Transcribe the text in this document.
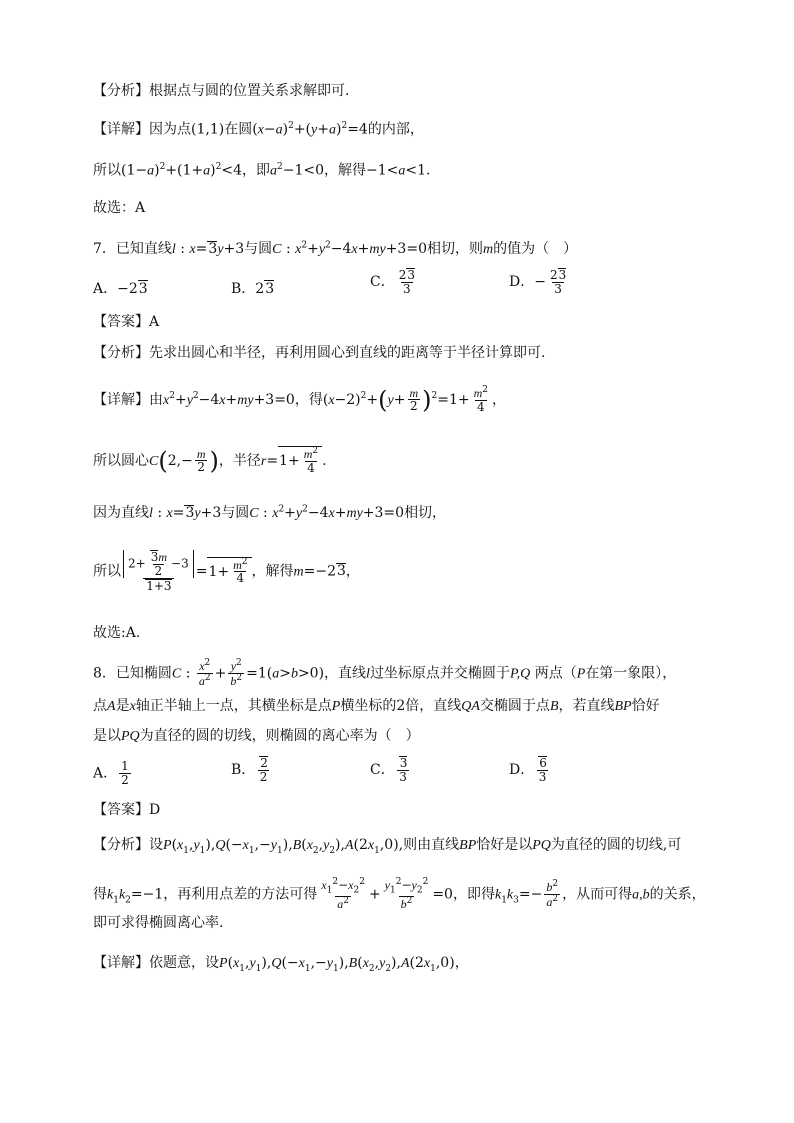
【分析】根据点与圆的位置关系求解即可.
【详解】因为点(1,1)在圆$(x-a)^2+(y+a)^2=4$的内部，
所以$(1-a)^2+(1+a)^2<4$，即$a^2-1<0$，解得−1<a<1.
故选：A
7．已知直线l : x=3y+3与圆C : $x^2+y^2-4x+my+3=0$相切，则m的值为（　）
A．−23	B．23	C． $\frac{23}{3}$	D．− $\frac{23}{3}$
【答案】A
【分析】先求出圆心和半径，再利用圆心到直线的距离等于半径计算即可.
【详解】由$x^2+y^2-4x+my+3=0$，得$(x-2)^2+(y+ \frac{m}{2} )^2=1+ \frac{m^2}{4}$ ，
所以圆心$C(2,- \frac{m}{2}$ )，半径$r=1+ \frac{m^2}{4}$ .
因为直线l : x=3y+3与圆C : $x^2+y^2-4x+my+3=0$相切，
所以 $\frac{2+ \frac{3m}{2} -3}{1+3} =1+ \frac{m^2}{4}$ ，解得m=−23，
故选:A.
8．已知椭圆C : $\frac{x^2}{a^2} + \frac{y^2}{b^2} =1(a>b>0)$，直线l过坐标原点并交椭圆于P,Q 两点（P在第一象限），
点A是x轴正半轴上一点，其横坐标是点P横坐标的2倍，直线QA交椭圆于点B，若直线BP恰好
是以PQ为直径的圆的切线，则椭圆的离心率为（　）
A． $\frac{1}{2}$	B． $\frac{2}{2}$	C． $\frac{3}{3}$	D． $\frac{6}{3}$
【答案】D
【分析】设$P(x_1,y_1),Q(-x_1,-y_1),B(x_2,y_2),A(2x_1,0)$,则由直线BP恰好是以PQ为直径的圆的切线,可
得$k_1k_2=-1$，再利用点差的方法可得 $\frac{x_1^2-x_2^2}{a^2} + \frac{y_1^2-y_2^2}{b^2} =0$，即得$k_1k_3=- \frac{b^2}{a^2}$ ，从而可得a,b的关系，
即可求得椭圆离心率.
【详解】依题意，设$P(x_1,y_1),Q(-x_1,-y_1),B(x_2,y_2),A(2x_1,0)$，
